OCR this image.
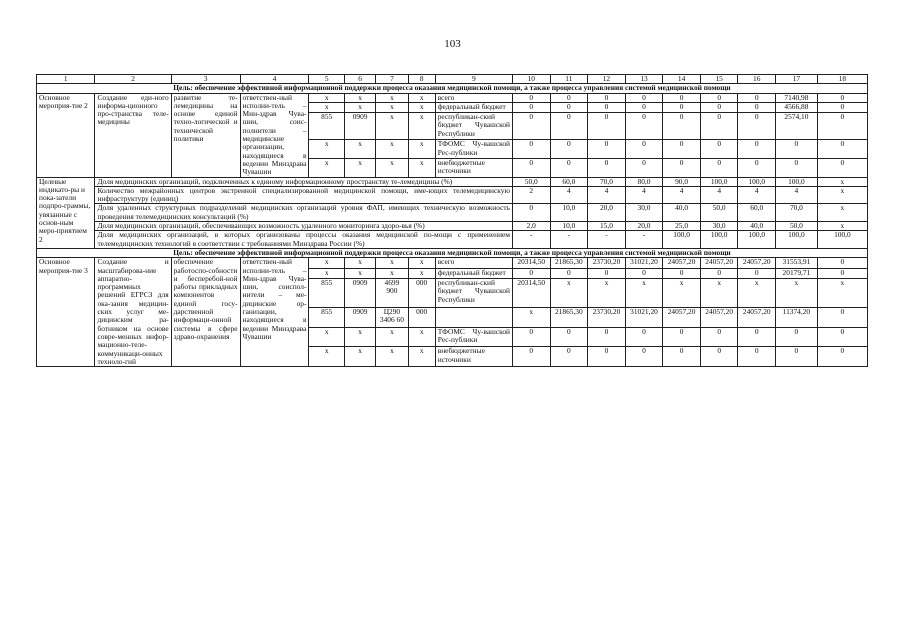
103
1	2	3	4	5	6	7	8	9	10	11	12	13	14	15	16	17	18
Цель: обеспечение эффективной информационной поддержки процесса оказания медицинской помощи, а также процесса управления системой медицинской помощи																	
Основное мероприя-тие 2	Создание еди-ного информа-ционного про-странства теле-медицины	развитие те-лемедицины на основе единой техно-логической и технической политики	ответствен-ный исполни-тель – Мин-здрав Чува-шии, соис-полнители – медицинские организации, находящиеся в ведении Минздрава Чувашии	x	x	x	x	всего	0	0	0	0	0	0	0	7140,98	0
				x	x	x	x	федеральный бюджет	0	0	0	0	0	0	0	4566,88	0
				855	0909	x	x	республикан-ский бюджет Чувашской Республики	0	0	0	0	0	0	0	2574,10	0
				x	x	x	x	ТФОМС Чу-вашской Рес-публики	0	0	0	0	0	0	0	0	0
				x	x	x	x	внебюджетные источники	0	0	0	0	0	0	0	0	0
Целевые индикато-ры и пока-затели подпро-граммы, увязанные с основ-ным меро-приятием 2	Доля медицинских организаций, подключенных к единому информационному пространству те-лемедицины (%)								50,0	60,0	70,0	80,0	90,0	100,0	100,0	100,0	x
	Количество межрайонных центров экстренной специализированной медицинской помощи, име-ющих телемедицинскую инфраструктуру (единиц)								2	4	4	4	4	4	4	4	x
	Доля удаленных структурных подразделений медицинских организаций уровня ФАП, имеющих техническую возможность проведения телемедицинских консультаций (%)								0	10,0	20,0	30,0	40,0	50,0	60,0	70,0	x
	Доля медицинских организаций, обеспечивающих возможность удаленного мониторинга здоро-вья (%)								2,0	10,0	15,0	20,0	25,0	30,0	40,0	50,0	x
	Доля медицинских организаций, в которых организованы процессы оказания медицинской по-мощи с применением телемедицинских технологий в соответствии с требованиями Минздрава России (%)								-	-	-	-	100,0	100,0	100,0	100,0	100,0
Цель: обеспечение эффективной информационной поддержки процесса оказания медицинской помощи, а также процесса управления системой медицинской помощи																	
Основное мероприя-тие 3	Создание и масштабирова-ние аппаратно-программных решений ЕГРСЗ для ока-зания медицин-ских услуг ме-дицинским ра-ботником на основе совре-менных инфор-мационно-теле-коммуникаци-онных техноло-гий	обеспечение работоспо-собности и бесперебой-ной работы прикладных компонентов единой госу-дарственной информаци-онной системы в сфере здраво-охранения	ответствен-ный исполни-тель – Мин-здрав Чува-шии, соиспол-нители – ме-дицинские ор-ганизации, находящиеся в ведении Минздрава Чувашии	x	x	x	x	всего	20314,50	21865,30	23730,20	31021,20	24057,20	24057,20	24057,20	31553,91	0
				x	x	x	x	федеральный бюджет	0	0	0	0	0	0	0	20179,71	0
				855	0909	4699 900	000	республикан-ский бюджет Чувашской Республики	20314,50	x	x	x	x	x	x	x	x
				855	0909	Ц290 3406 60	000		x	21865,30	23730,20	31021,20	24057,20	24057,20	24057,20	11374,20	0
				x	x	x	x	ТФОМС Чу-вашской Рес-публики	0	0	0	0	0	0	0	0	0
				x	x	x	x	внебюджетные источники	0	0	0	0	0	0	0	0	0
